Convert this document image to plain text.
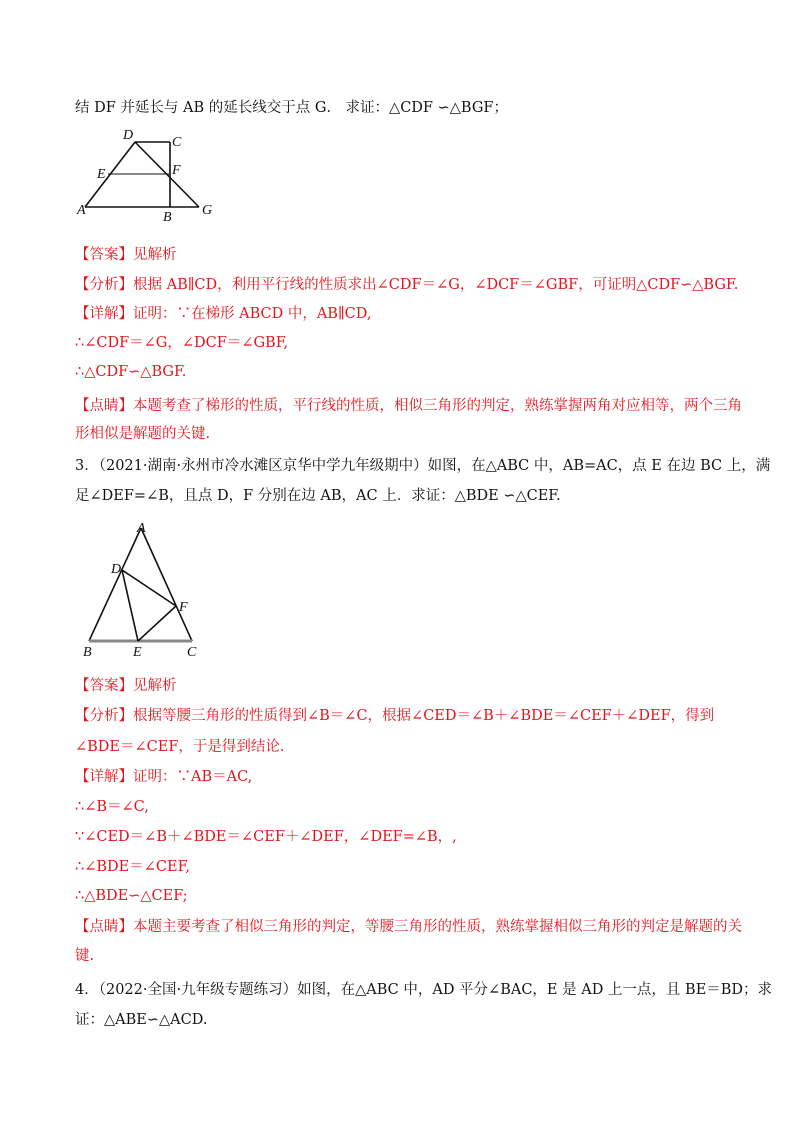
结 DF 并延长与 AB 的延长线交于点 G． 求证：△CDF ∽△BGF；
D	C
E	F
A	B G
【答案】见解析
【分析】根据 AB∥CD，利用平行线的性质求出∠CDF＝∠G，∠DCF＝∠GBF，可证明△CDF∽△BGF.
【详解】证明：∵在梯形 ABCD 中，AB∥CD,
∴∠CDF＝∠G，∠DCF＝∠GBF,
∴△CDF∽△BGF.
【点睛】本题考查了梯形的性质，平行线的性质，相似三角形的判定，熟练掌握两角对应相等，两个三角
形相似是解题的关键.
3．（2021·湖南·永州市冷水滩区京华中学九年级期中）如图，在△ABC 中，AB=AC，点 E 在边 BC 上，满
足∠DEF=∠B，且点 D，F 分别在边 AB，AC 上．求证：△BDE ∽△CEF.
A
D
F
B	E	C
【答案】见解析
【分析】根据等腰三角形的性质得到∠B＝∠C，根据∠CED＝∠B＋∠BDE＝∠CEF＋∠DEF，得到
∠BDE＝∠CEF，于是得到结论.
【详解】证明：∵AB＝AC,
∴∠B＝∠C,
∵∠CED＝∠B＋∠BDE＝∠CEF＋∠DEF，∠DEF=∠B，,
∴∠BDE＝∠CEF,
∴△BDE∽△CEF;
【点睛】本题主要考查了相似三角形的判定，等腰三角形的性质，熟练掌握相似三角形的判定是解题的关
键.
4．（2022·全国·九年级专题练习）如图，在△ABC 中，AD 平分∠BAC，E 是 AD 上一点，且 BE＝BD；求
证：△ABE∽△ACD.
